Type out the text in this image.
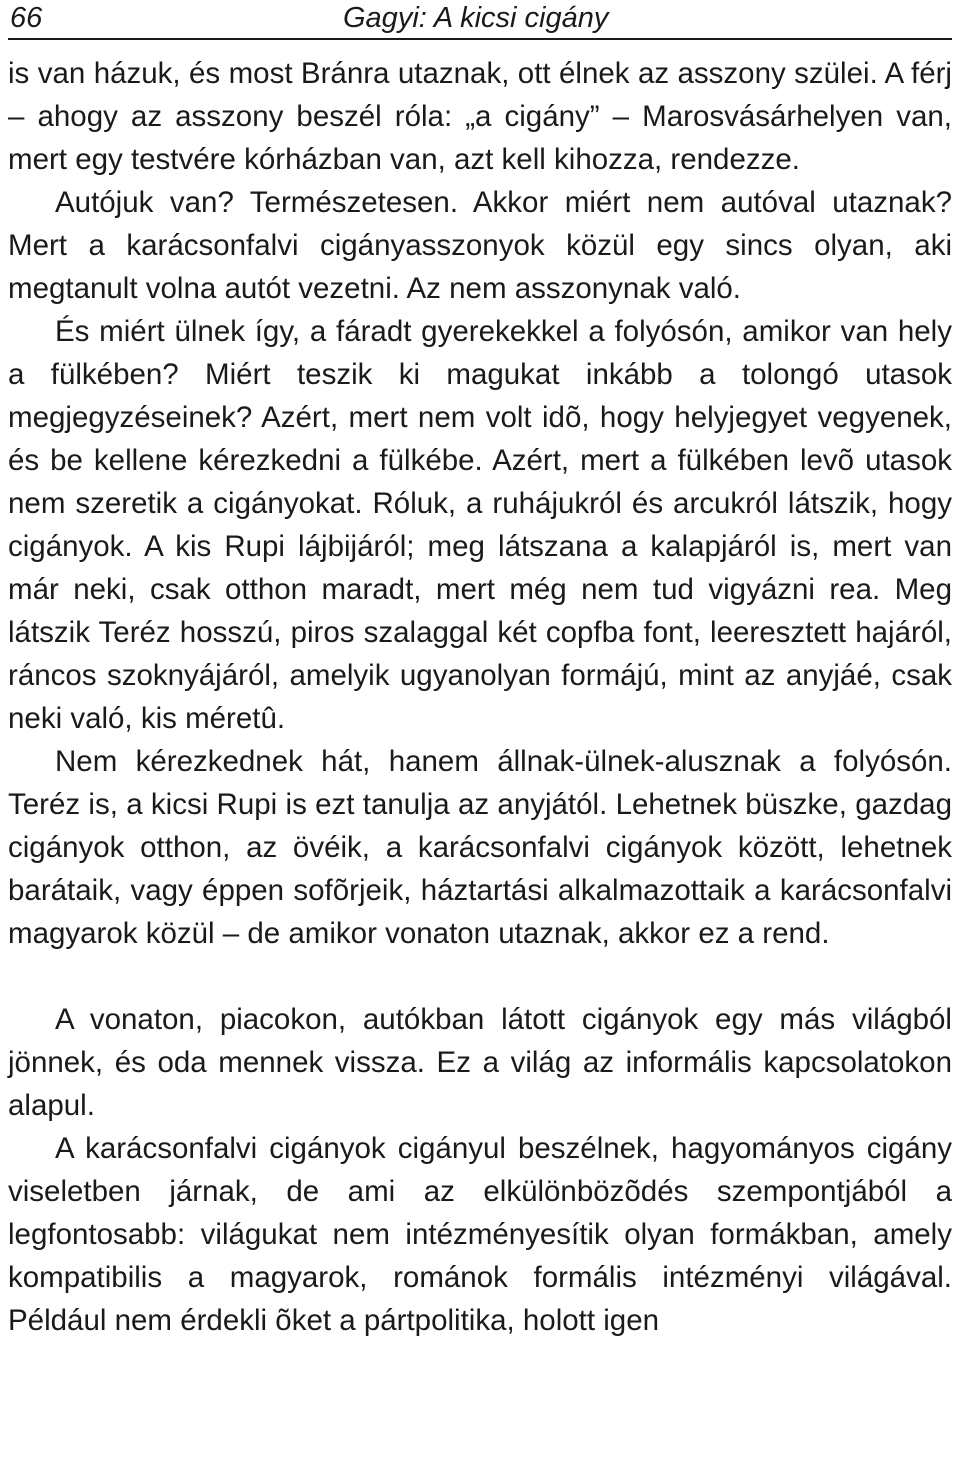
66	Gagyi: A kicsi cigány

is van házuk, és most Bránra utaznak, ott élnek az asszony szülei. A férj – ahogy az asszony beszél róla: „a cigány” – Marosvásárhelyen van, mert egy testvére kórházban van, azt kell kihozza, rendezze.

Autójuk van? Természetesen. Akkor miért nem autóval utaznak? Mert a karácsonfalvi cigányasszonyok közül egy sincs olyan, aki megtanult volna autót vezetni. Az nem asszonynak való.

És miért ülnek így, a fáradt gyerekekkel a folyósón, amikor van hely a fülkében? Miért teszik ki magukat inkább a tolongó utasok megjegyzéseinek? Azért, mert nem volt idõ, hogy helyjegyet vegyenek, és be kellene kérezkedni a fülkébe. Azért, mert a fülkében levõ utasok nem szeretik a cigányokat. Róluk, a ruhájukról és arcukról látszik, hogy cigányok. A kis Rupi lájbijáról; meg látszana a kalapjáról is, mert van már neki, csak otthon maradt, mert még nem tud vigyázni rea. Meg látszik Teréz hosszú, piros szalaggal két copfba font, leeresztett hajáról, ráncos szoknyájáról, amelyik ugyanolyan formájú, mint az anyjáé, csak neki való, kis méretû.

Nem kérezkednek hát, hanem állnak-ülnek-alusznak a folyósón. Teréz is, a kicsi Rupi is ezt tanulja az anyjától. Lehetnek büszke, gazdag cigányok otthon, az övéik, a karácsonfalvi cigányok között, lehetnek barátaik, vagy éppen sofõrjeik, háztartási alkalmazottaik a karácsonfalvi magyarok közül – de amikor vonaton utaznak, akkor ez a rend.

A vonaton, piacokon, autókban látott cigányok egy más világból jönnek, és oda mennek vissza. Ez a világ az informális kapcsolatokon alapul.

A karácsonfalvi cigányok cigányul beszélnek, hagyományos cigány viseletben járnak, de ami az elkülönbözõdés szempontjából a legfontosabb: világukat nem intézményesítik olyan formákban, amely kompatibilis a magyarok, románok formális intézményi világával. Például nem érdekli õket a pártpolitika, holott igen
